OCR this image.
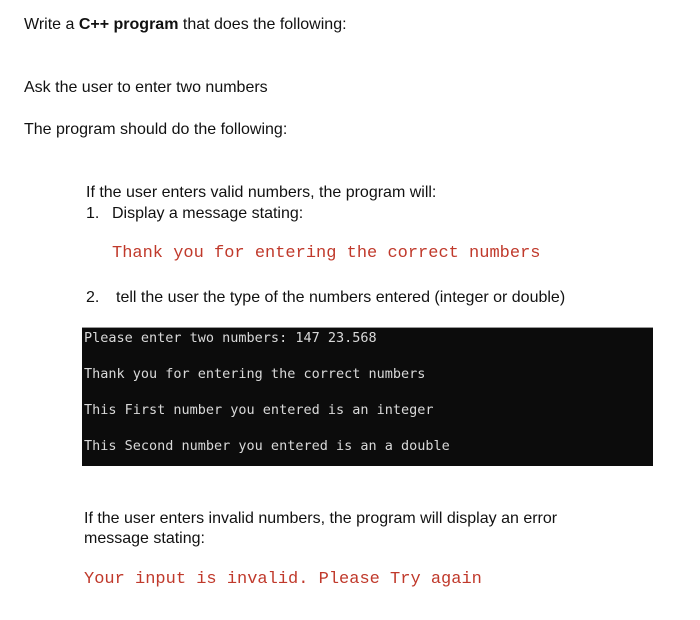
Write a C++ program that does the following:
Ask the user to enter two numbers
The program should do the following:
If the user enters valid numbers, the program will:
1. Display a message stating:
Thank you for entering the correct numbers
2. tell the user the type of the numbers entered (integer or double)
Please enter two numbers: 147 23.568
Thank you for entering the correct numbers
This First number you entered is an integer
This Second number you entered is an a double
If the user enters invalid numbers, the program will display an error
message stating:
Your input is invalid. Please Try again
